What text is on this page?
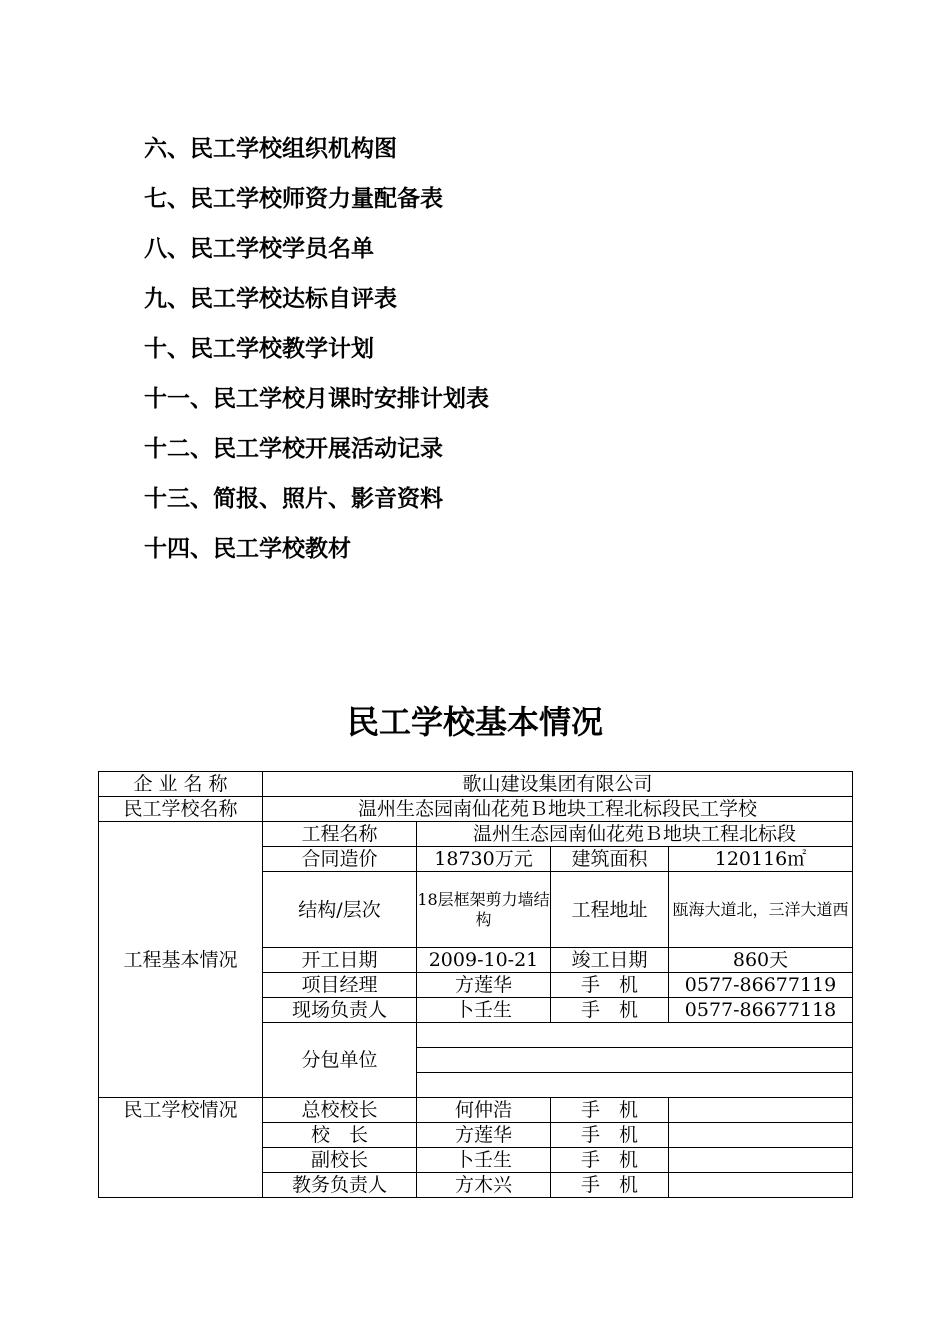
六、民工学校组织机构图
七、民工学校师资力量配备表
八、民工学校学员名单
九、民工学校达标自评表
十、民工学校教学计划
十一、民工学校月课时安排计划表
十二、民工学校开展活动记录
十三、简报、照片、影音资料
十四、民工学校教材
民工学校基本情况
企 业 名 称	歌山建设集团有限公司			
民工学校名称	温州生态园南仙花苑Ｂ地块工程北标段民工学校			
工程基本情况	工程名称	温州生态园南仙花苑Ｂ地块工程北标段		
	合同造价	18730万元	建筑面积	120116㎡
	结构/层次	18层框架剪力墙结构	工程地址	瓯海大道北，三洋大道西
	开工日期	2009-10-21	竣工日期	860天
	项目经理	方莲华	手　机	0577-86677119
	现场负责人	卜壬生	手　机	0577-86677118
	分包单位			

民工学校情况	总校校长	何仲浩	手　机	
	校　长	方莲华	手　机	
	副校长	卜壬生	手　机	
	教务负责人	方木兴	手　机	
